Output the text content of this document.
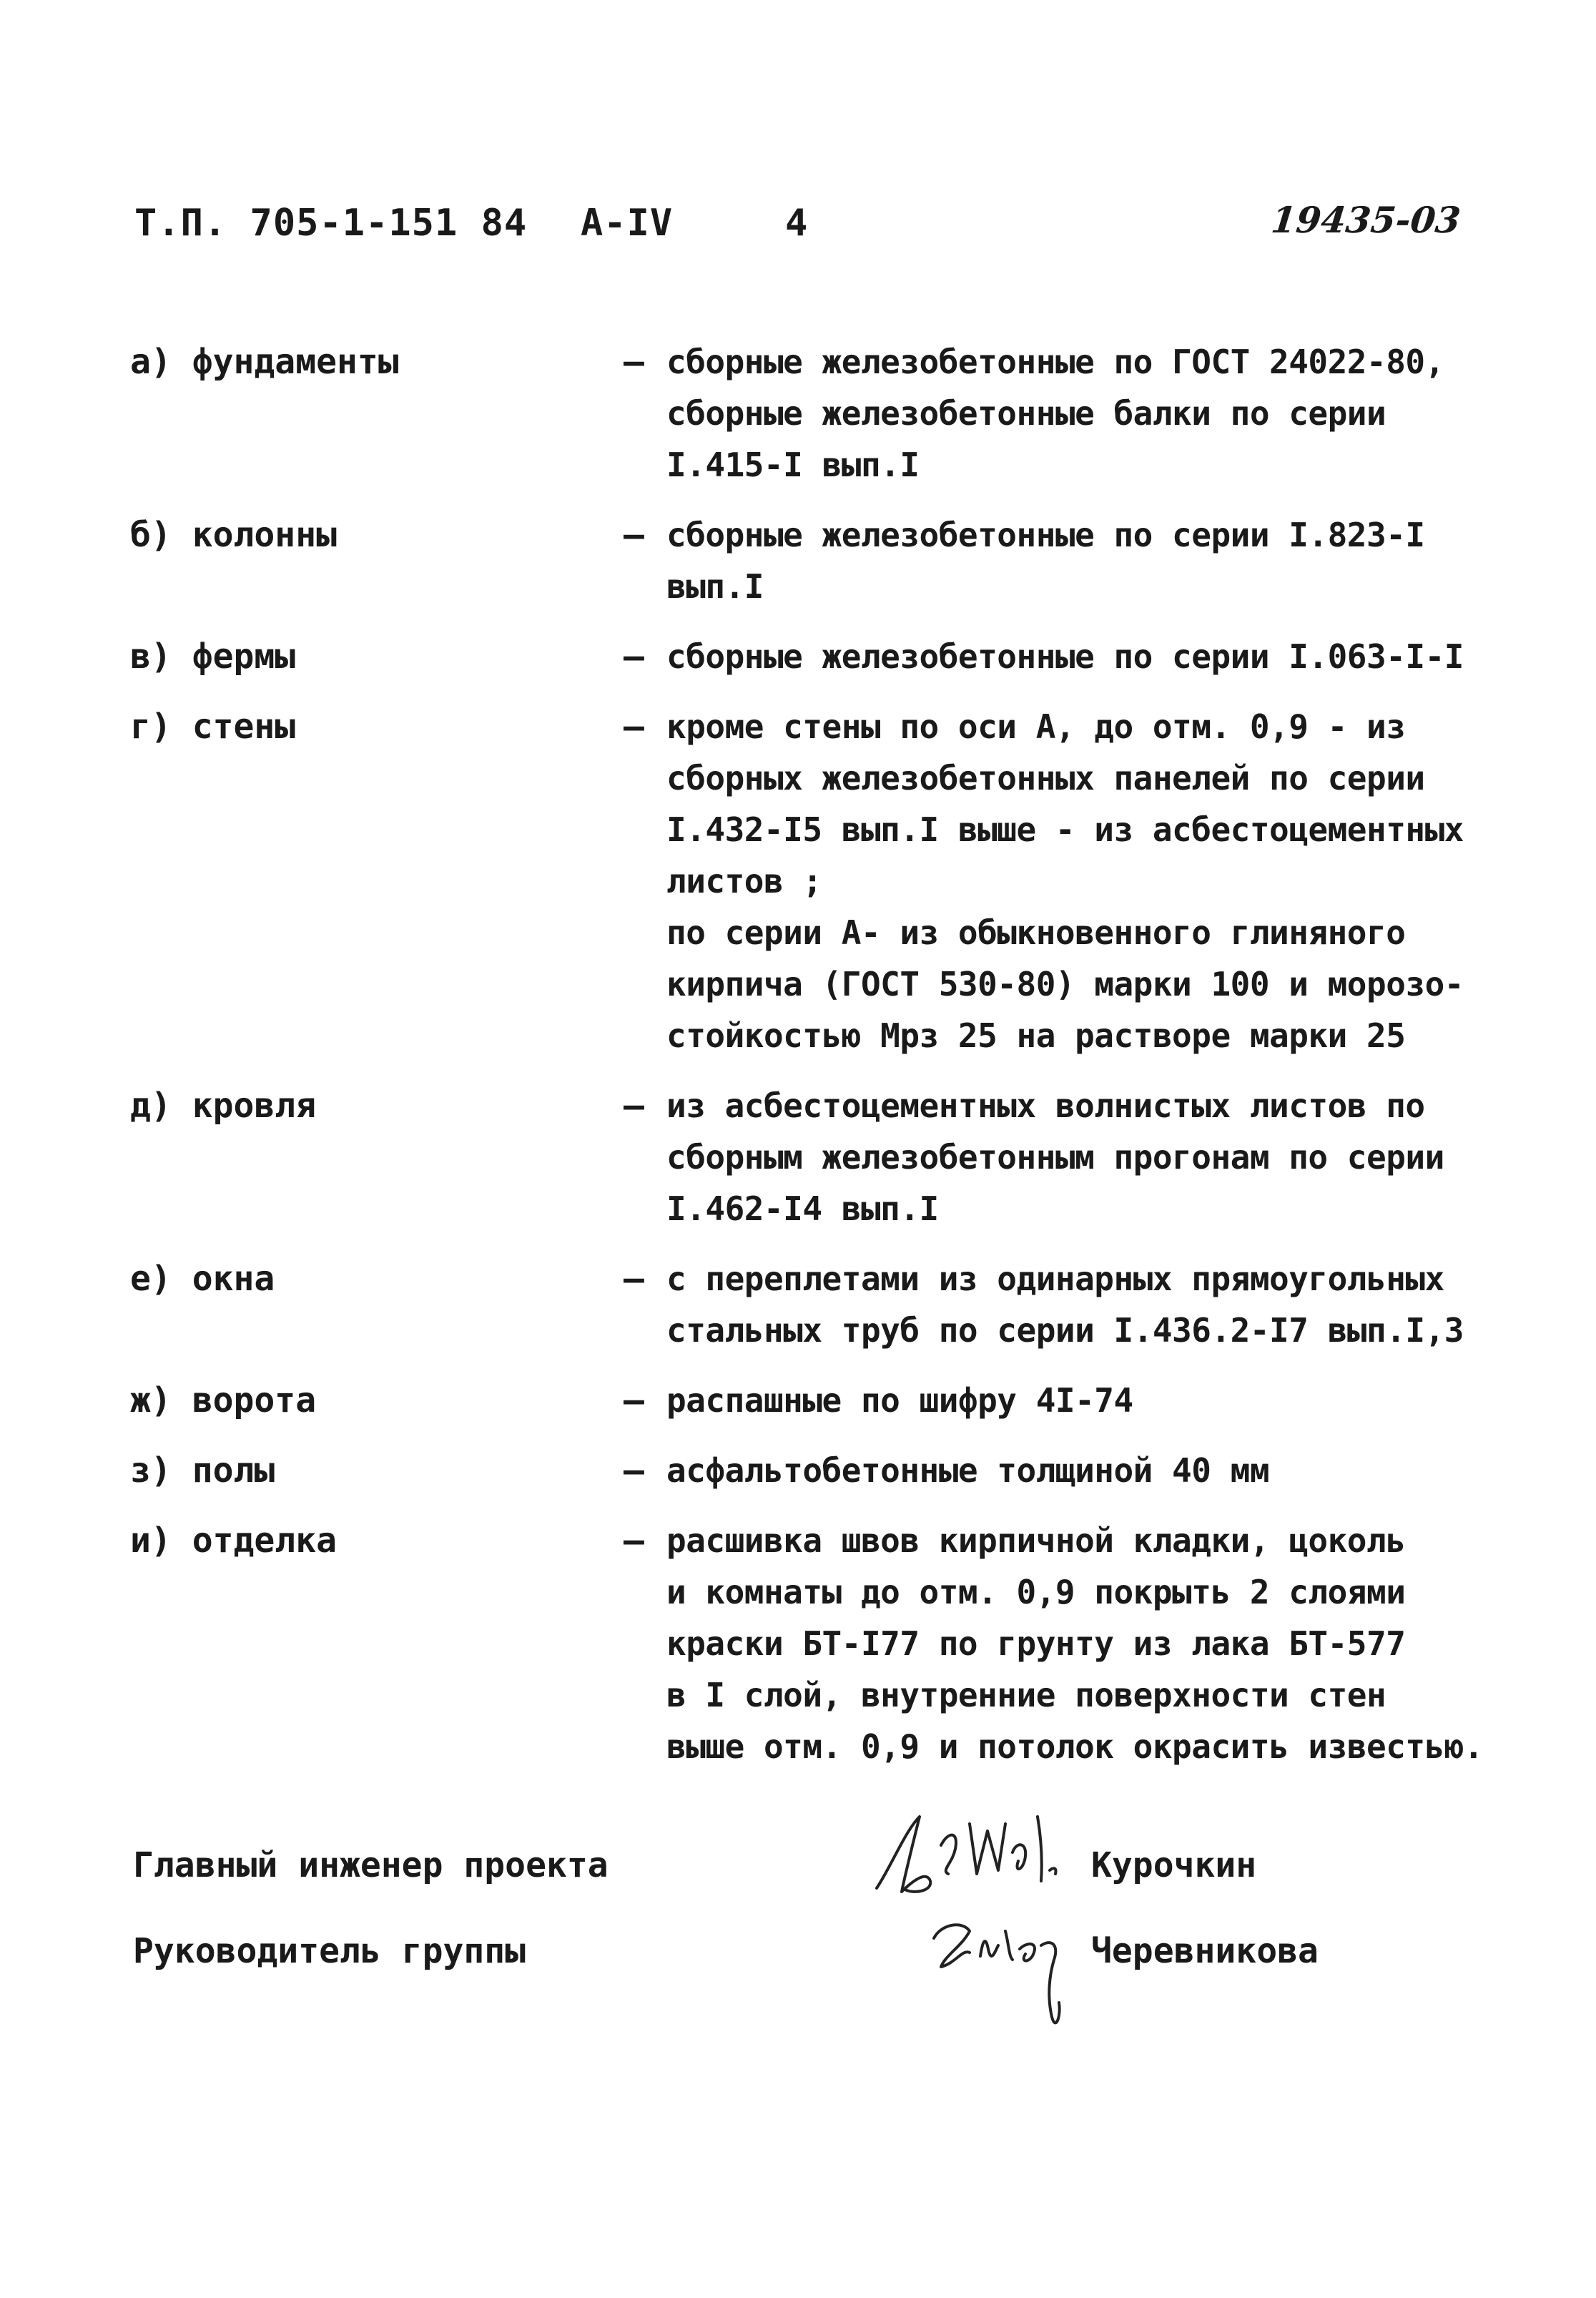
Т.П. 705-1-151 84 А-IV	4	19435-03
а) фундаменты	– сборные железобетонные по ГОСТ 24022-80,
сборные железобетонные балки по серии
I.415-I вып.I
б) колонны	– сборные железобетонные по серии I.823-I
вып.I
в) фермы	– сборные железобетонные по серии I.063-I-I
г) стены	– кроме стены по оси А, до отм. 0,9 - из
сборных железобетонных панелей по серии
I.432-I5 вып.I выше - из асбестоцементных
листов ;
по серии А- из обыкновенного глиняного
кирпича (ГОСТ 530-80) марки 100 и морозо-
стойкостью Мрз 25 на растворе марки 25
д) кровля	– из асбестоцементных волнистых листов по
сборным железобетонным прогонам по серии
I.462-I4 вып.I
е) окна	– с переплетами из одинарных прямоугольных
стальных труб по серии I.436.2-I7 вып.I,3
ж) ворота	– распашные по шифру 4I-74
з) полы	– асфальтобетонные толщиной 40 мм
и) отделка	– расшивка швов кирпичной кладки, цоколь
и комнаты до отм. 0,9 покрыть 2 слоями
краски БТ-I77 по грунту из лака БТ-577
в I слой, внутренние поверхности стен
выше отм. 0,9 и потолок окрасить известью.
Главный инженер проекта	Курочкин
Руководитель группы	Черевникова
